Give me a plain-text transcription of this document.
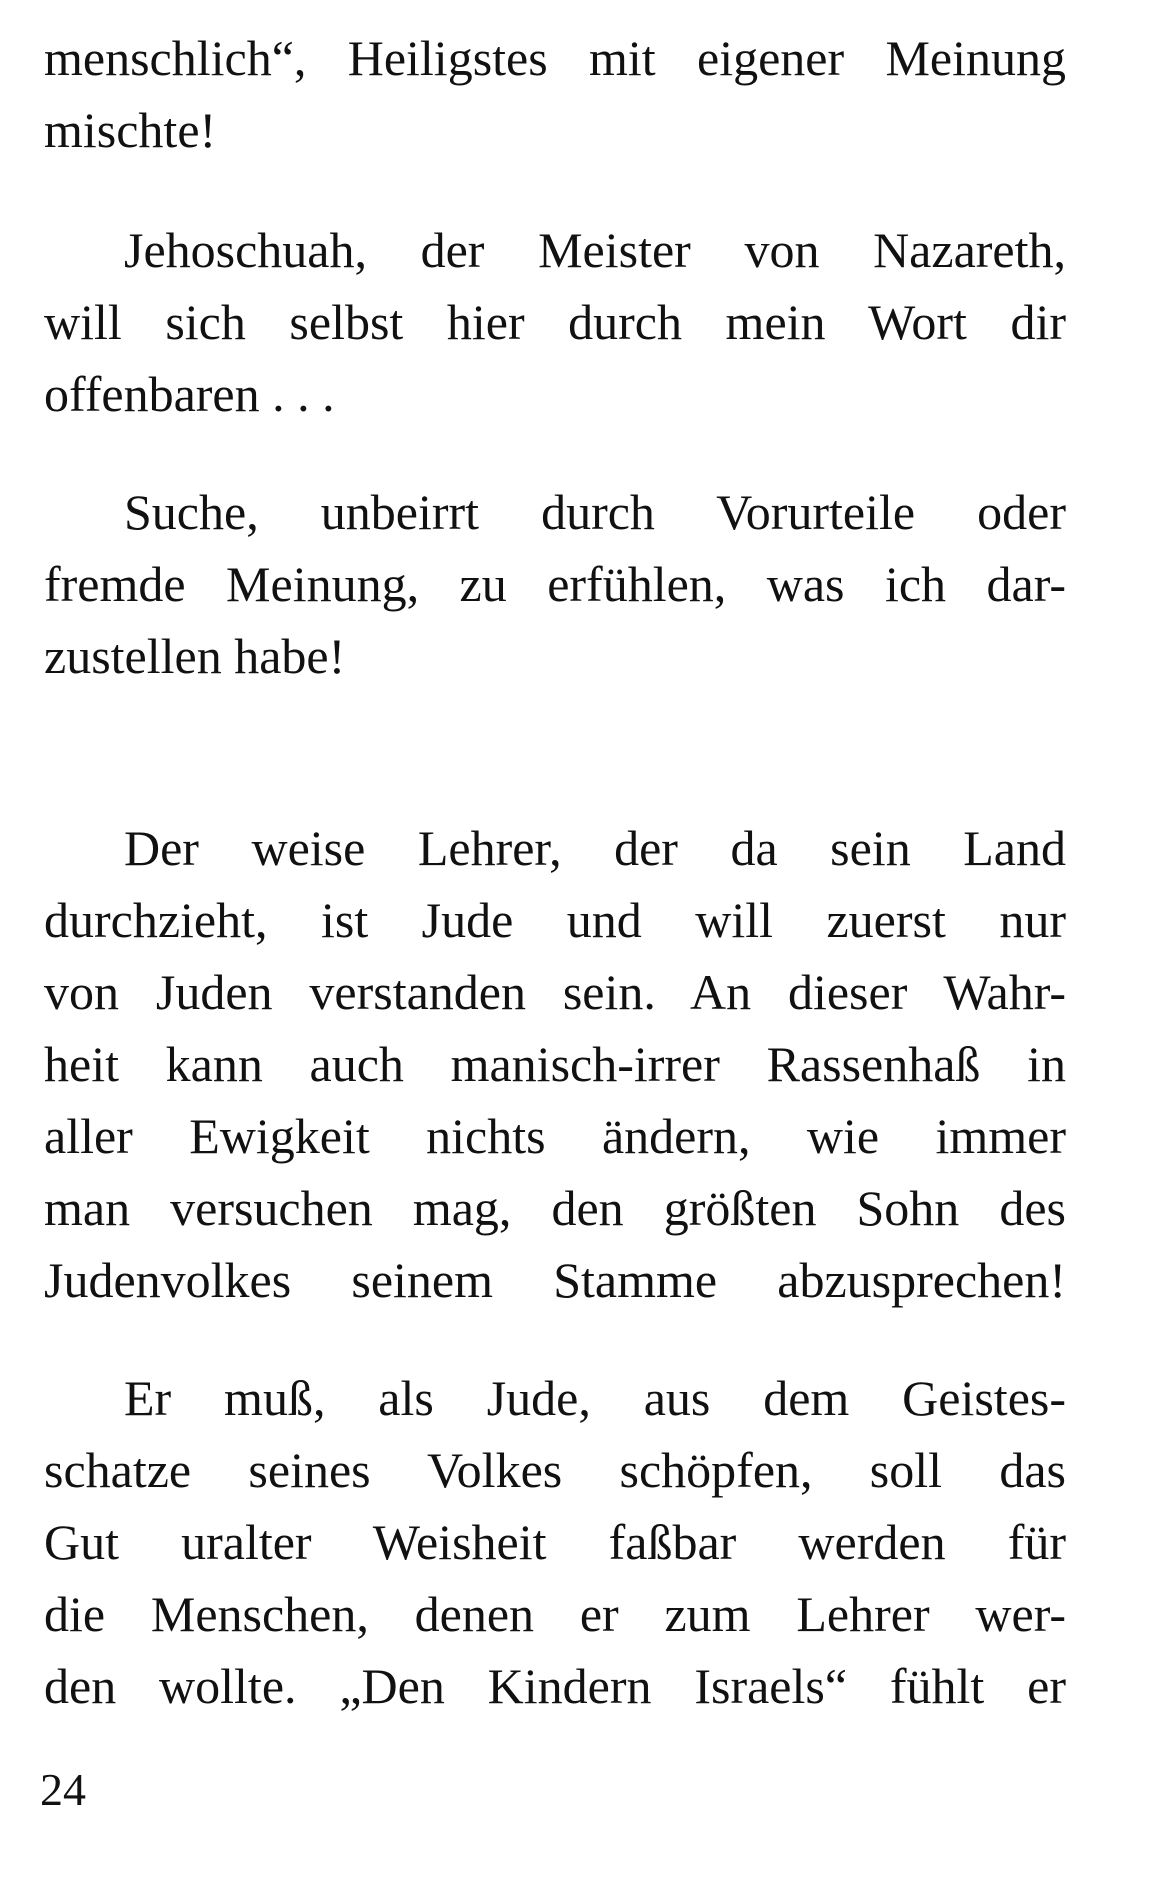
menschlich“, Heiligstes mit eigener Meinung
mischte!
Jehoschuah, der Meister von Nazareth,
will sich selbst hier durch mein Wort dir
offenbaren . . .
Suche, unbeirrt durch Vorurteile oder
fremde Meinung, zu erfühlen, was ich dar-
zustellen habe!
Der weise Lehrer, der da sein Land
durchzieht, ist Jude und will zuerst nur
von Juden verstanden sein. An dieser Wahr-
heit kann auch manisch-irrer Rassenhaß in
aller Ewigkeit nichts ändern, wie immer
man versuchen mag, den größten Sohn des
Judenvolkes seinem Stamme abzusprechen!
Er muß, als Jude, aus dem Geistes-
schatze seines Volkes schöpfen, soll das
Gut uralter Weisheit faßbar werden für
die Menschen, denen er zum Lehrer wer-
den wollte. „Den Kindern Israels“ fühlt er
24
